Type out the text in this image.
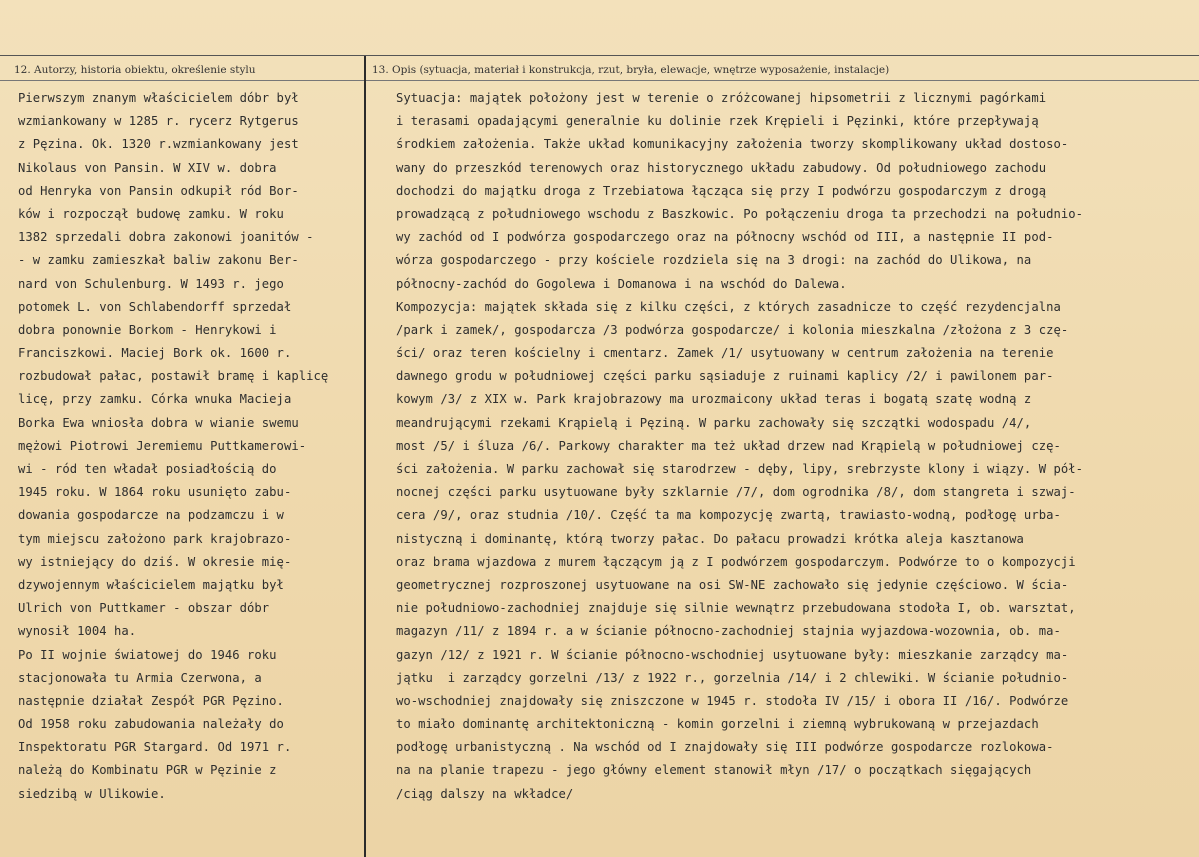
12. Autorzy, historia obiektu, określenie stylu	13. Opis (sytuacja, materiał i konstrukcja, rzut, bryła, elewacje, wnętrze wyposażenie, instalacje)
Pierwszym znanym właścicielem dóbr był
wzmiankowany w 1285 r. rycerz Rytgerus
z Pęzina. Ok. 1320 r.wzmiankowany jest
Nikolaus von Pansin. W XIV w. dobra
od Henryka von Pansin odkupił ród Bor-
ków i rozpoczął budowę zamku. W roku
1382 sprzedali dobra zakonowi joanitów -
- w zamku zamieszkał baliw zakonu Ber-
nard von Schulenburg. W 1493 r. jego
potomek L. von Schlabendorff sprzedał
dobra ponownie Borkom - Henrykowi i
Franciszkowi. Maciej Bork ok. 1600 r.
rozbudował pałac, postawił bramę i kaplicę
licę, przy zamku. Córka wnuka Macieja
Borka Ewa wniosła dobra w wianie swemu
mężowi Piotrowi Jeremiemu Puttkamerowi-
wi - ród ten władał posiadłością do
1945 roku. W 1864 roku usunięto zabu-
dowania gospodarcze na podzamczu i w
tym miejscu założono park krajobrazo-
wy istniejący do dziś. W okresie mię-
dzywojennym właścicielem majątku był
Ulrich von Puttkamer - obszar dóbr
wynosił 1004 ha.
Po II wojnie światowej do 1946 roku
stacjonowała tu Armia Czerwona, a
następnie działał Zespół PGR Pęzino.
Od 1958 roku zabudowania należały do
Inspektoratu PGR Stargard. Od 1971 r.
należą do Kombinatu PGR w Pęzinie z
siedzibą w Ulikowie.
Sytuacja: majątek położony jest w terenie o zróżcowanej hipsometrii z licznymi pagórkami
i terasami opadającymi generalnie ku dolinie rzek Krępieli i Pęzinki, które przepływają
środkiem założenia. Także układ komunikacyjny założenia tworzy skomplikowany układ dostoso-
wany do przeszkód terenowych oraz historycznego układu zabudowy. Od południowego zachodu
dochodzi do majątku droga z Trzebiatowa łącząca się przy I podwórzu gospodarczym z drogą
prowadzącą z południowego wschodu z Baszkowic. Po połączeniu droga ta przechodzi na południo-
wy zachód od I podwórza gospodarczego oraz na północny wschód od III, a następnie II pod-
wórza gospodarczego - przy kościele rozdziela się na 3 drogi: na zachód do Ulikowa, na
północny-zachód do Gogolewa i Domanowa i na wschód do Dalewa.
Kompozycja: majątek składa się z kilku części, z których zasadnicze to część rezydencjalna
/park i zamek/, gospodarcza /3 podwórza gospodarcze/ i kolonia mieszkalna /złożona z 3 czę-
ści/ oraz teren kościelny i cmentarz. Zamek /1/ usytuowany w centrum założenia na terenie
dawnego grodu w południowej części parku sąsiaduje z ruinami kaplicy /2/ i pawilonem par-
kowym /3/ z XIX w. Park krajobrazowy ma urozmaicony układ teras i bogatą szatę wodną z
meandrującymi rzekami Krąpielą i Pęziną. W parku zachowały się szczątki wodospadu /4/,
most /5/ i śluza /6/. Parkowy charakter ma też układ drzew nad Krąpielą w południowej czę-
ści założenia. W parku zachował się starodrzew - dęby, lipy, srebrzyste klony i wiązy. W pół-
nocnej części parku usytuowane były szklarnie /7/, dom ogrodnika /8/, dom stangreta i szwaj-
cera /9/, oraz studnia /10/. Część ta ma kompozycję zwartą, trawiasto-wodną, podłogę urba-
nistyczną i dominantę, którą tworzy pałac. Do pałacu prowadzi krótka aleja kasztanowa
oraz brama wjazdowa z murem łączącym ją z I podwórzem gospodarczym. Podwórze to o kompozycji
geometrycznej rozproszonej usytuowane na osi SW-NE zachowało się jedynie częściowo. W ścia-
nie południowo-zachodniej znajduje się silnie wewnątrz przebudowana stodoła I, ob. warsztat,
magazyn /11/ z 1894 r. a w ścianie północno-zachodniej stajnia wyjazdowa-wozownia, ob. ma-
gazyn /12/ z 1921 r. W ścianie północno-wschodniej usytuowane były: mieszkanie zarządcy ma-
jątku  i zarządcy gorzelni /13/ z 1922 r., gorzelnia /14/ i 2 chlewiki. W ścianie południo-
wo-wschodniej znajdowały się zniszczone w 1945 r. stodoła IV /15/ i obora II /16/. Podwórze
to miało dominantę architektoniczną - komin gorzelni i ziemną wybrukowaną w przejazdach
podłogę urbanistyczną . Na wschód od I znajdowały się III podwórze gospodarcze rozlokowa-
na na planie trapezu - jego główny element stanowił młyn /17/ o początkach sięgających
/ciąg dalszy na wkładce/
